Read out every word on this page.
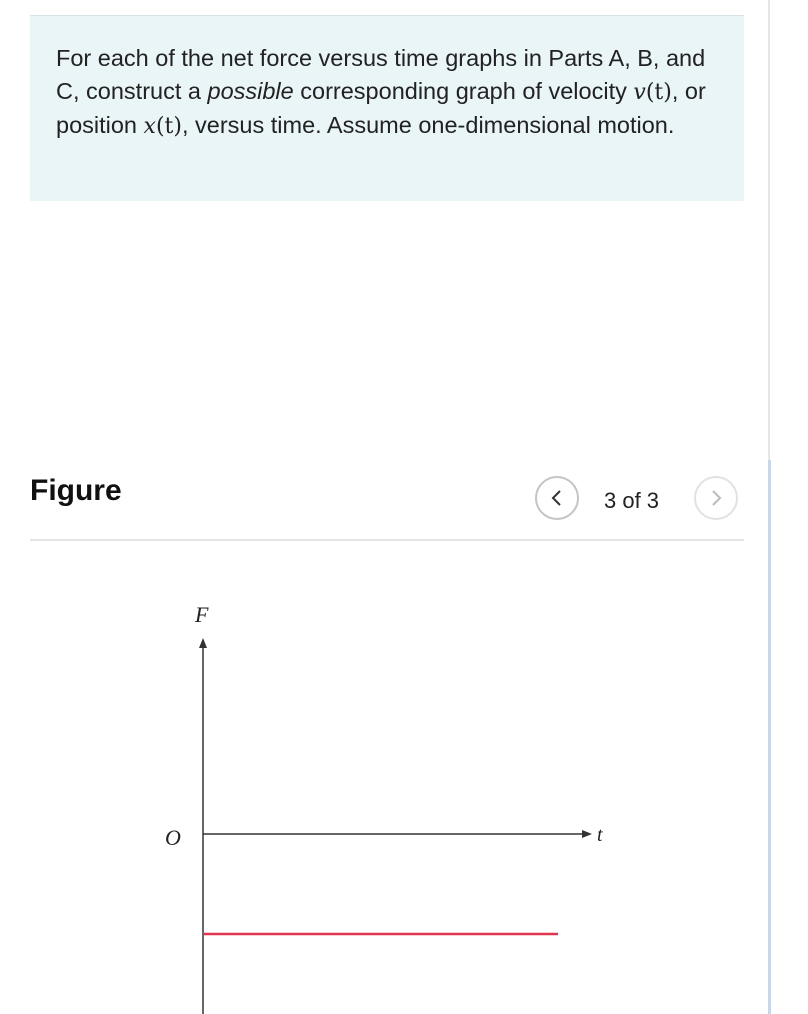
For each of the net force versus time graphs in Parts A, B, and C, construct a possible corresponding graph of velocity v(t), or position x(t), versus time. Assume one-dimensional motion.

Figure	3 of 3
F
t
O
